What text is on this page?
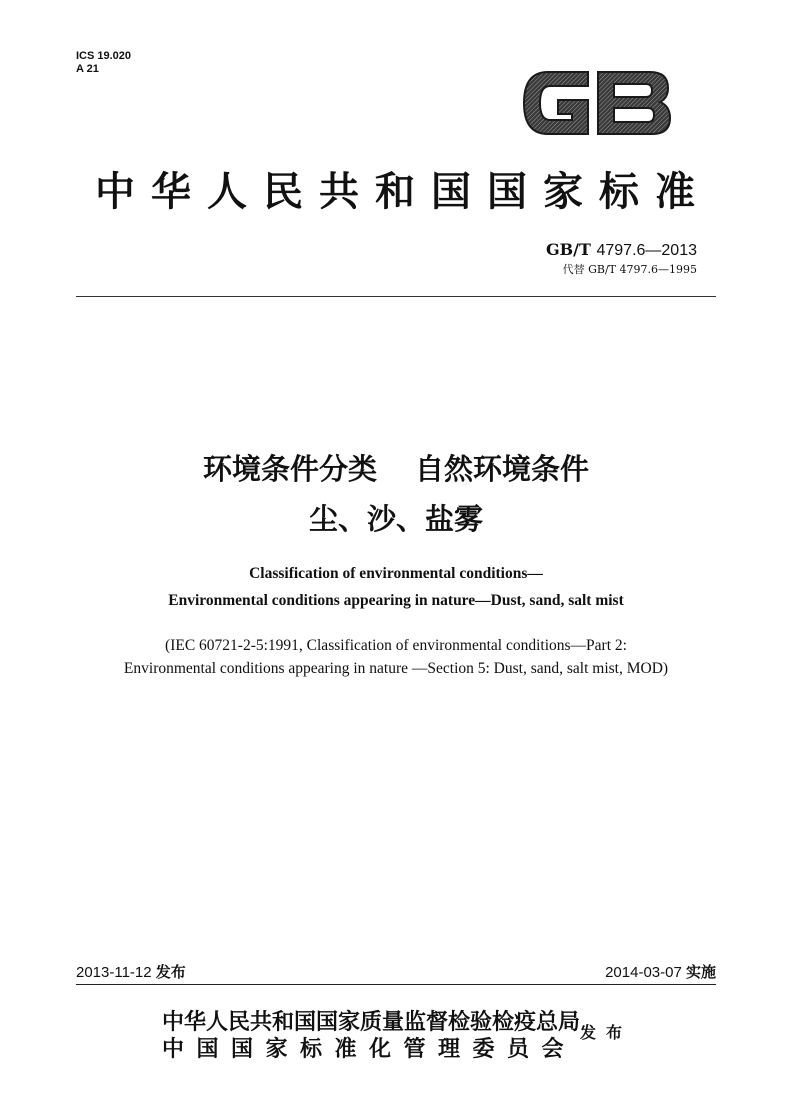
ICS 19.020
A 21
中华人民共和国国家标准
GB/T 4797.6—2013
代替 GB/T 4797.6—1995
环境条件分类 自然环境条件
尘、沙、盐雾
Classification of environmental conditions—
Environmental conditions appearing in nature—Dust, sand, salt mist
(IEC 60721-2-5:1991, Classification of environmental conditions—Part 2:
Environmental conditions appearing in nature —Section 5: Dust, sand, salt mist, MOD)
2013-11-12 发布	2014-03-07 实施
中华人民共和国国家质量监督检验检疫总局
中国国家标准化管理委员会
发布
